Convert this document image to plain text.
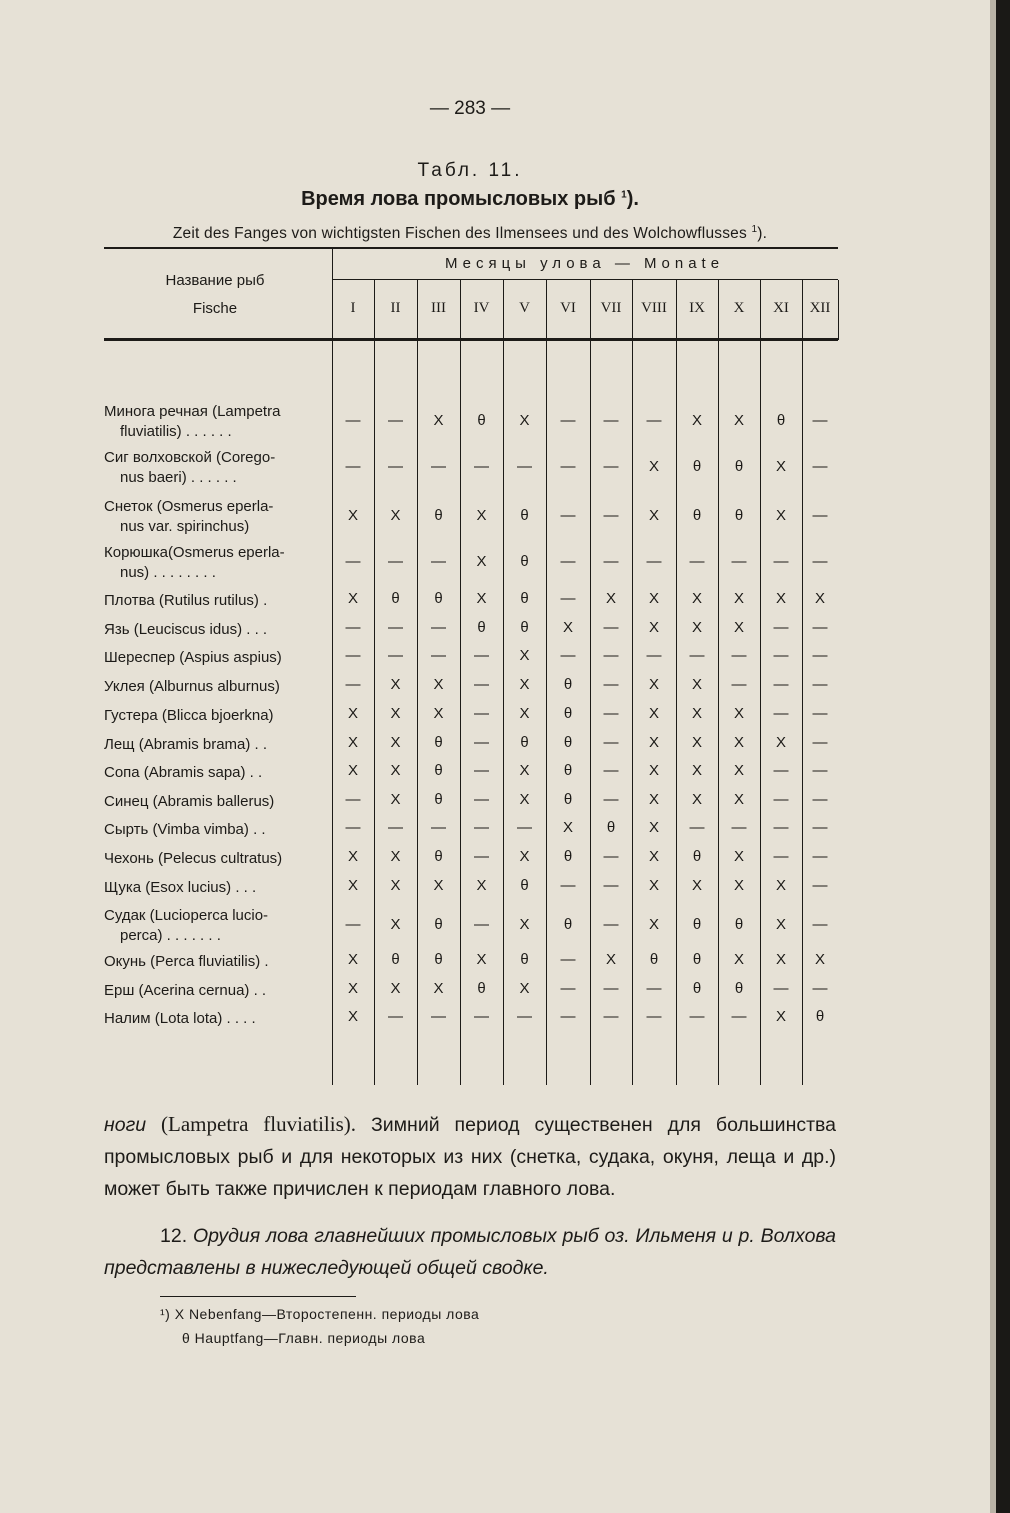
— 283 —
Табл. 11.
Время лова промысловых рыб $^1$).
Zeit des Fanges von wichtigsten Fischen des Ilmensees und des Wolchowflusses $^1$).
Название рыб
Fische
Месяцы улова — Monate
I	II	III	IV	V	VI	VII	VIII	IX	X	XI	XII
Минога речная (Lampetra
fluviatilis) . . . . . .
—	—	X	θ	X	—	—	—	X	X	θ	—
Сиг волховской (Corego-
nus baeri) . . . . . .
—	—	—	—	—	—	—	X	θ	θ	X	—
Снеток (Osmerus eperla-
nus var. spirinchus)
X	X	θ	X	θ	—	—	X	θ	θ	X	—
Корюшка(Osmerus eperla-
nus) . . . . . . . .
—	—	—	X	θ	—	—	—	—	—	—	—
Плотва (Rutilus rutilus) .	X	θ	θ	X	θ	—	X	X	X	X	X	X
Язь (Leuciscus idus) . . .	—	—	—	θ	θ	X	—	X	X	X	—	—
Шереспер (Aspius aspius)	—	—	—	—	X	—	—	—	—	—	—	—
Уклея (Alburnus alburnus)	—	X	X	—	X	θ	—	X	X	—	—	—
Густера (Blicca bjoerkna)	X	X	X	—	X	θ	—	X	X	X	—	—
Лещ (Abramis brama) . .	X	X	θ	—	θ	θ	—	X	X	X	X	—
Сопа (Abramis sapa) . .	X	X	θ	—	X	θ	—	X	X	X	—	—
Синец (Abramis ballerus)	—	X	θ	—	X	θ	—	X	X	X	—	—
Сырть (Vimba vimba) . .	—	—	—	—	—	X	θ	X	—	—	—	—
Чехонь (Pelecus cultratus)	X	X	θ	—	X	θ	—	X	θ	X	—	—
Щука (Esox lucius) . . .	X	X	X	X	θ	—	—	X	X	X	X	—
Судак (Lucioperca lucio-
perca) . . . . . . .
—	X	θ	—	X	θ	—	X	θ	θ	X	—
Окунь (Perca fluviatilis) .	X	θ	θ	X	θ	—	X	θ	θ	X	X	X
Ерш (Acerina cernua) . .	X	X	X	θ	X	—	—	—	θ	θ	—	—
Налим (Lota lota) . . . .	X	—	—	—	—	—	—	—	—	—	X	θ
ноги (Lampetra fluviatilis). Зимний период существенен для большинства промысловых рыб и для некоторых из них (снетка, судака, окуня, леща и др.) может быть также причислен к периодам главного лова.
12. Орудия лова главнейших промысловых рыб оз. Ильменя и р. Волхова представлены в нижеследующей общей сводке.
¹) X Nebenfang—Второстепенн. периоды лова
θ Hauptfang—Главн. периоды лова
